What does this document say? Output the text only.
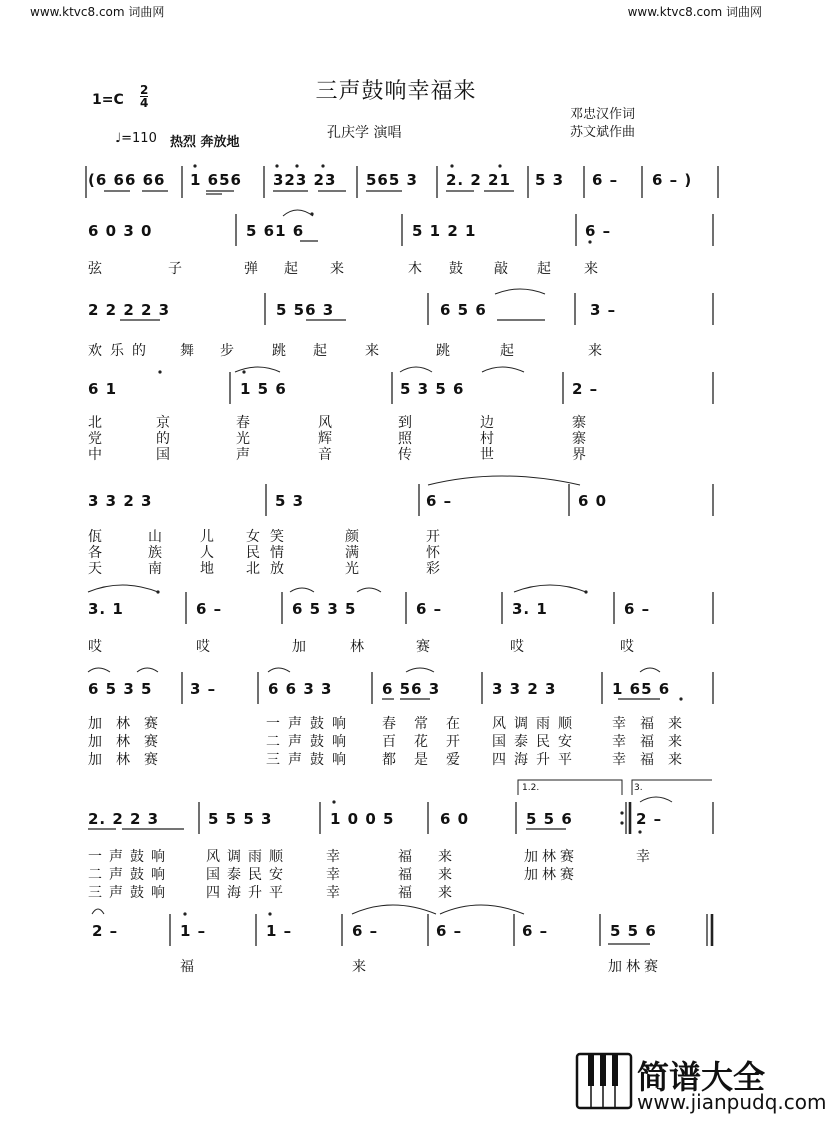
www.ktvc8.com 词曲网	www.ktvc8.com 词曲网
三声鼓响幸福来
1=C
2
4
♩=110 热烈 奔放地
孔庆学 演唱
邓忠汉作词
苏文斌作曲
(6 66 66 1 656 323 23 565 3 2. 2 21 5 3 6 – 6 – )
6 0 3 0	5 61 6	5 1 2 1	6 –
弦	子	弹 起 来	木 鼓 敲 起 来
2 2 2 2 3	5 56 3	6 5 6	3 –
欢 乐 的 舞 步	跳 起	来	跳	起	来
6 1	1 5 6	5 3 5 6	2 –
北	京	春	风	到	边	寨
党	的	光	辉	照	村	寨
中	国	声	音	传	世	界
3 3 2 3	5 3	6 –	6 0
佤	山	儿 女 笑	颜	开
各	族	人 民 情	满	怀
天	南	地 北 放	光	彩
3. 1	6 –	6 5 3 5	6 –	3. 1	6 –
哎	哎	加	林	赛	哎	哎
6 5 3 5	3 –	6 6 3 3	6 56 3	3 3 2 3	1 65 6
加林赛	一声鼓响 春常在 风调雨顺 幸福来
加林赛	二声鼓响 百花开 国泰民安 幸福来
加林赛	三声鼓响 都是爱 四海升平 幸福来
1.2.	3.
2. 2 2 3	5 5 5 3	1 0 0 5	6 0	5 5 6	2 –
一声鼓响 风调雨顺	幸	福 来	加林赛	幸
二声鼓响 国泰民安	幸	福 来	加林赛
三声鼓响 四海升平	幸	福 来
2 –	1 –	1 –	6 –	6 –	6 –	5 5 6
福	来	加林赛
简谱大全
www.jianpudq.com
